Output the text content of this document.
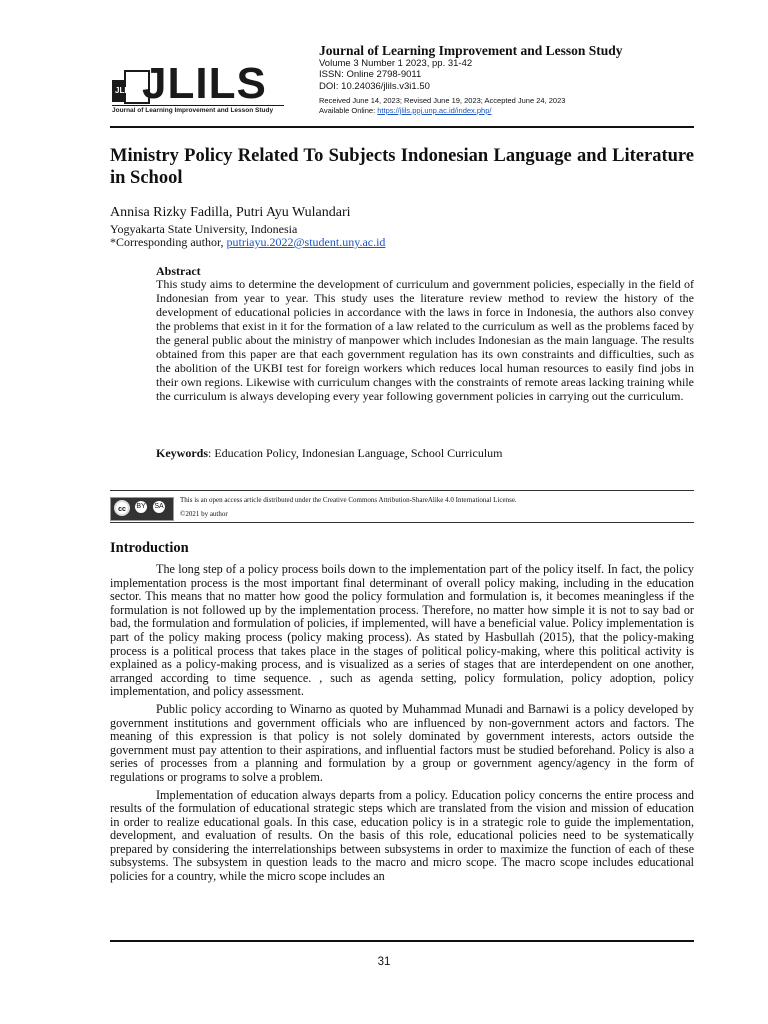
JLILS JLILS
Journal of Learning Improvement and Lesson Study
Journal of Learning Improvement and Lesson Study
Volume 3 Number 1 2023, pp. 31-42
ISSN: Online 2798-9011
DOI: 10.24036/jlils.v3i1.50
Received June 14, 2023; Revised June 19, 2023; Accepted June 24, 2023
Available Online: https://jlils.ppj.unp.ac.id/index.php/
Ministry Policy Related To Subjects Indonesian Language and Literature in School
Annisa Rizky Fadilla, Putri Ayu Wulandari
Yogyakarta State University, Indonesia
*Corresponding author, putriayu.2022@student.uny.ac.id
Abstract

This study aims to determine the development of curriculum and government policies, especially in the field of Indonesian from year to year. This study uses the literature review method to review the history of the development of educational policies in accordance with the laws in force in Indonesia, the authors also convey the problems that exist in it for the formation of a law related to the curriculum as well as the problems faced by the general public about the ministry of manpower which includes Indonesian as the main language. The results obtained from this paper are that each government regulation has its own constraints and difficulties, such as the abolition of the UKBI test for foreign workers which reduces local human resources to easily find jobs in their own regions. Likewise with curriculum changes with the constraints of remote areas lacking training while the curriculum is always developing every year following government policies in carrying out the curriculum.

Keywords: Education Policy, Indonesian Language, School Curriculum
cc	BY SA
This is an open access article distributed under the Creative Commons Attribution-ShareAlike 4.0 International License.
©2021 by author
Introduction

The long step of a policy process boils down to the implementation part of the policy itself. In fact, the policy implementation process is the most important final determinant of overall policy making, including in the education sector. This means that no matter how good the policy formulation and formulation is, it becomes meaningless if the formulation is not followed up by the implementation process. Therefore, no matter how simple it is not to say bad or bad, the formulation and formulation of policies, if implemented, will have a beneficial value. Policy implementation is part of the policy making process (policy making process). As stated by Hasbullah (2015), that the policy-making process is a political process that takes place in the stages of political policy-making, where this political activity is explained as a policy-making process, and is visualized as a series of stages that are interdependent on one another, arranged according to time sequence. , such as agenda setting, policy formulation, policy adoption, policy implementation, and policy assessment.

Public policy according to Winarno as quoted by Muhammad Munadi and Barnawi is a policy developed by government institutions and government officials who are influenced by non-government actors and factors. The meaning of this expression is that policy is not solely dominated by government interests, actors outside the government must pay attention to their aspirations, and influential factors must be studied beforehand. Policy is also a series of processes from a planning and formulation by a group or government agency/agency in the form of regulations or programs to solve a problem.

Implementation of education always departs from a policy. Education policy concerns the entire process and results of the formulation of educational strategic steps which are translated from the vision and mission of education in order to realize educational goals. In this case, education policy is in a strategic role to guide the implementation, development, and evaluation of results. On the basis of this role, educational policies need to be systematically prepared by considering the interrelationships between subsystems in order to maximize the function of each of these subsystems. The subsystem in question leads to the macro and micro scope. The macro scope includes educational policies for a country, while the micro scope includes an

31
